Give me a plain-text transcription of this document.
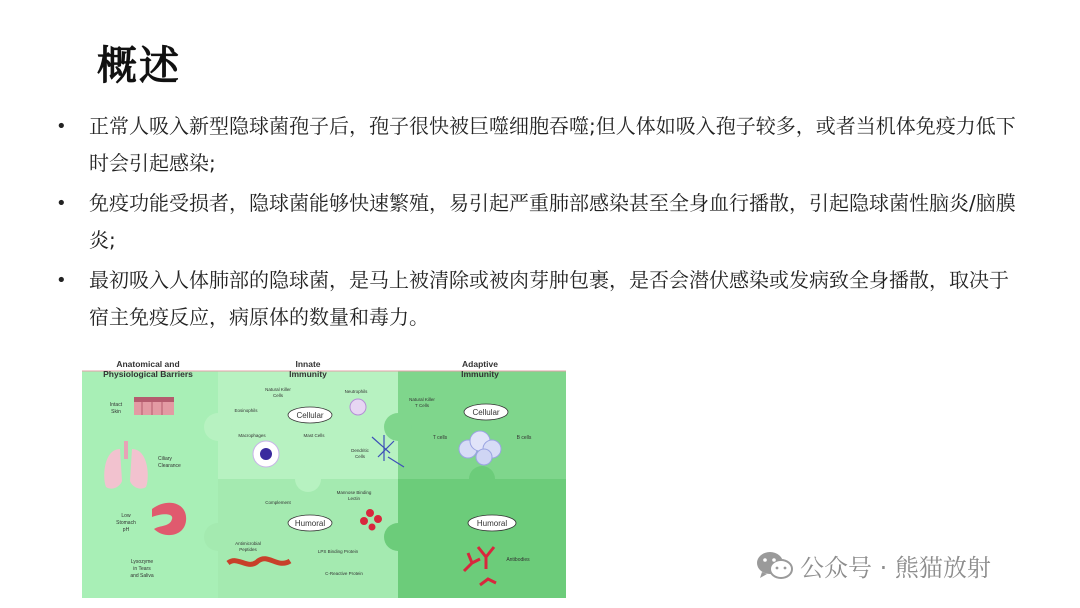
概述
• 正常人吸入新型隐球菌孢子后，孢子很快被巨噬细胞吞噬;但人体如吸入孢子较多，或者当机体免疫力低下时会引起感染;
• 免疫功能受损者，隐球菌能够快速繁殖，易引起严重肺部感染甚至全身血行播散，引起隐球菌性脑炎/脑膜炎;
• 最初吸入人体肺部的隐球菌，是马上被清除或被肉芽肿包裹，是否会潜伏感染或发病致全身播散，取决于宿主免疫反应，病原体的数量和毒力。
Anatomical and
Physiological Barriers
Innate
Immunity
Adaptive
Immunity
Intact
Skin
Ciliary
Clearance
Low
Stomach
pH
Lysozyme
in Tears
and Saliva
Natural Killer
Cells
Neutrophils
Eosinophils
Cellular
Macrophages	Mast Cells
Dendritic
Cells
Complement
Mannose Binding
Lectin
Humoral
Antimicrobial
Peptides	LPS Binding Protein
C-Reactive Protein
Natural Killer
T Cells
Cellular
T cells	B cells
Humoral
Antibodies	公众号 · 熊猫放射
